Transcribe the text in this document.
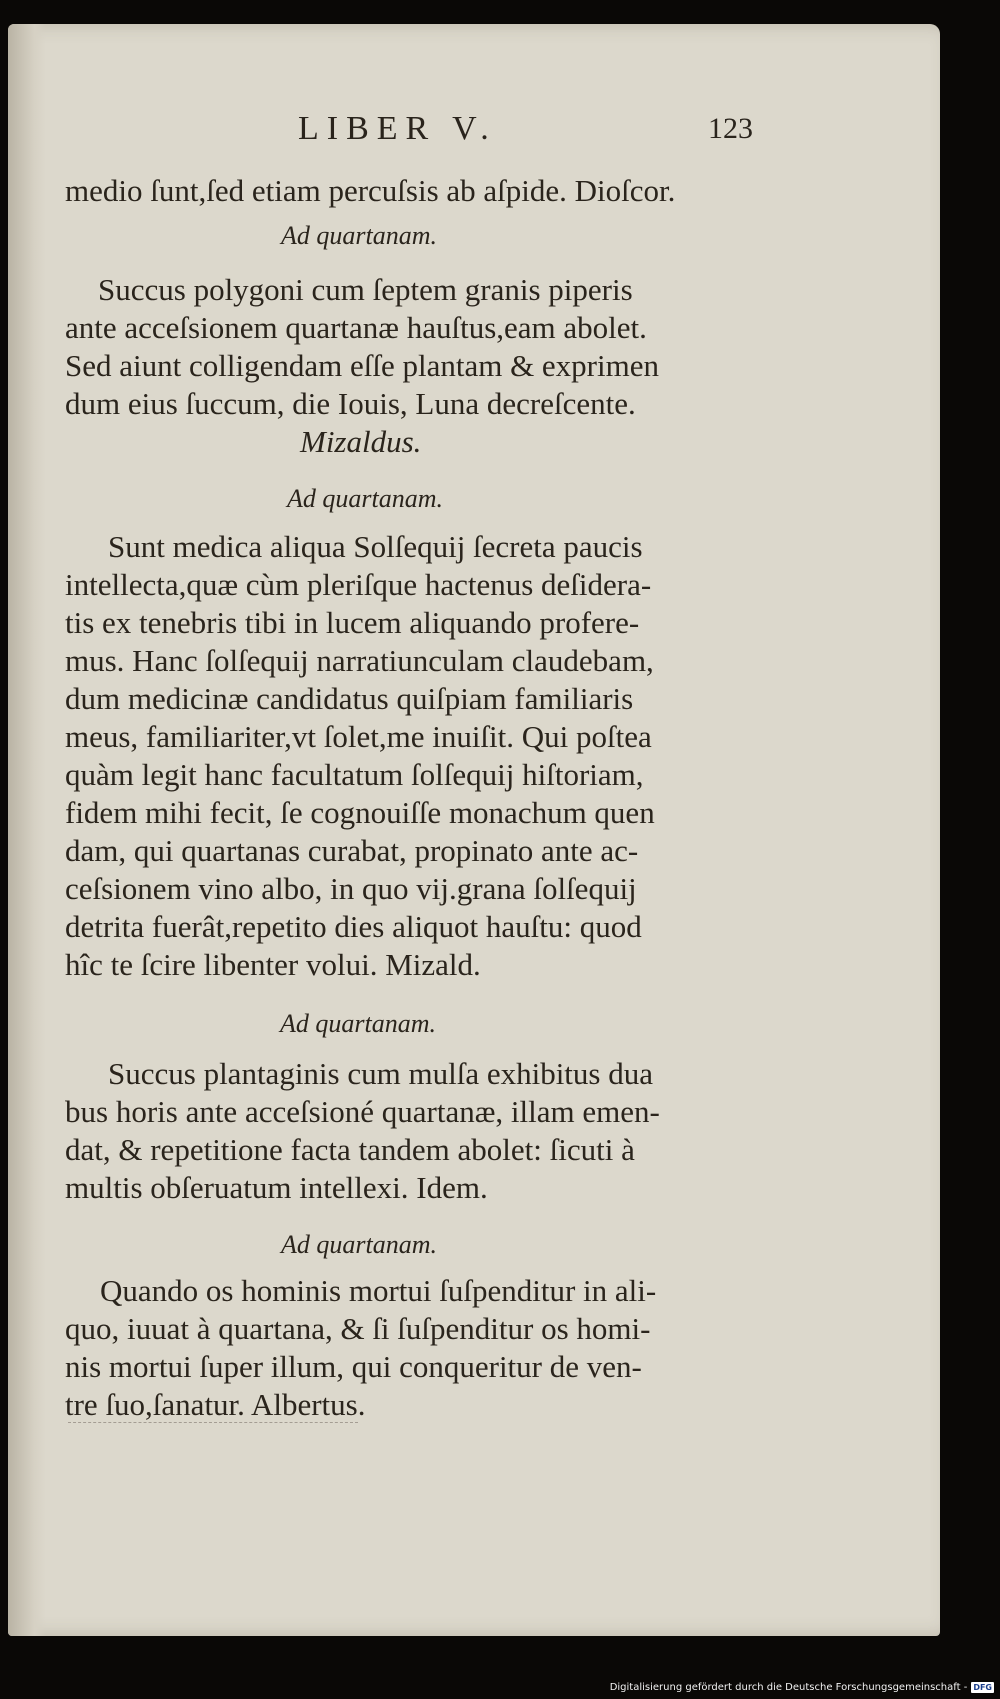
LIBER V.	123
medio ſunt,ſed etiam percuſsis ab aſpide. Dioſcor.
Ad quartanam.
Succus polygoni cum ſeptem granis piperis
ante acceſsionem quartanæ hauſtus,eam abolet.
Sed aiunt colligendam eſſe plantam & exprimen
dum eius ſuccum, die Iouis, Luna decreſcente.
Mizaldus.
Ad quartanam.
Sunt medica aliqua Solſequij ſecreta paucis
intellecta,quæ cùm pleriſque hactenus deſidera-
tis ex tenebris tibi in lucem aliquando profere-
mus. Hanc ſolſequij narratiunculam claudebam,
dum medicinæ candidatus quiſpiam familiaris
meus, familiariter,vt ſolet,me inuiſit. Qui poſtea
quàm legit hanc facultatum ſolſequij hiſtoriam,
fidem mihi fecit, ſe cognouiſſe monachum quen
dam, qui quartanas curabat, propinato ante ac-
ceſsionem vino albo, in quo vij.grana ſolſequij
detrita fuerât,repetito dies aliquot hauſtu: quod
hîc te ſcire libenter volui. Mizald.
Ad quartanam.
Succus plantaginis cum mulſa exhibitus dua
bus horis ante acceſsioné quartanæ, illam emen-
dat, & repetitione facta tandem abolet: ſicuti à
multis obſeruatum intellexi. Idem.
Ad quartanam.
Quando os hominis mortui ſuſpenditur in ali-
quo, iuuat à quartana, & ſi ſuſpenditur os homi-
nis mortui ſuper illum, qui conqueritur de ven-
tre ſuo,ſanatur. Albertus.
Digitalisierung gefördert durch die Deutsche Forschungsgemeinschaft - DFG
